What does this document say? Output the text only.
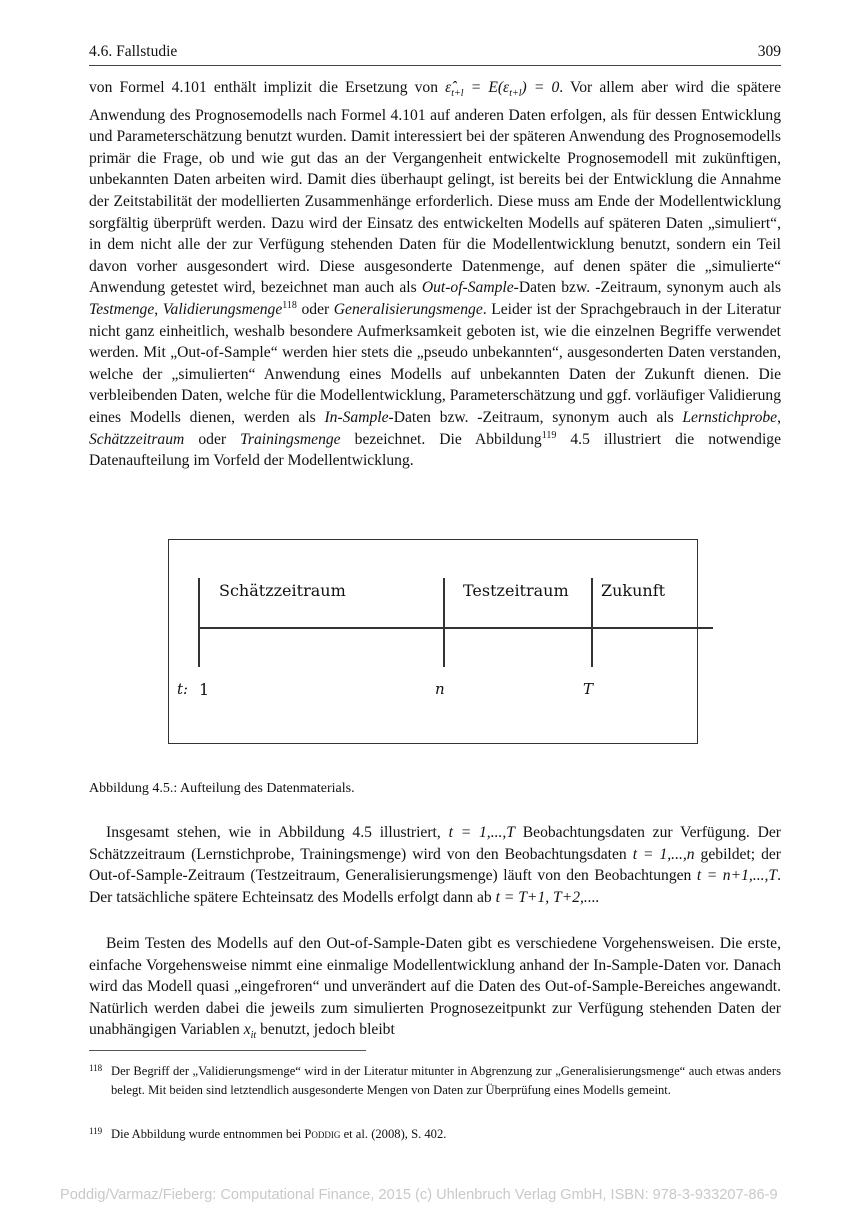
4.6. Fallstudie	309

von Formel 4.101 enthält implizit die Ersetzung von $\varepsilon̂_{t+l} = E(\varepsilon_{t+l}) = 0$. Vor allem aber wird die spätere Anwendung des Prognosemodells nach Formel 4.101 auf anderen Daten erfolgen, als für dessen Entwicklung und Parameterschätzung benutzt wurden. Damit interessiert bei der späteren Anwendung des Prognosemodells primär die Frage, ob und wie gut das an der Vergangenheit entwickelte Prognosemodell mit zukünftigen, unbekannten Daten arbeiten wird. Damit dies überhaupt gelingt, ist bereits bei der Entwicklung die Annahme der Zeitstabilität der modellierten Zusammenhänge erforderlich. Diese muss am Ende der Modellentwicklung sorgfältig überprüft werden. Dazu wird der Einsatz des entwickelten Modells auf späteren Daten „simuliert“, in dem nicht alle der zur Verfügung stehenden Daten für die Modellentwicklung benutzt, sondern ein Teil davon vorher ausgesondert wird. Diese ausgesonderte Datenmenge, auf denen später die „simulierte“ Anwendung getestet wird, bezeichnet man auch als Out-of-Sample-Daten bzw. -Zeitraum, synonym auch als Testmenge, Validierungsmenge$^{118}$ oder Generalisierungsmenge. Leider ist der Sprachgebrauch in der Literatur nicht ganz einheitlich, weshalb besondere Aufmerksamkeit geboten ist, wie die einzelnen Begriffe verwendet werden. Mit „Out-of-Sample“ werden hier stets die „pseudo unbekannten“, ausgesonderten Daten verstanden, welche der „simulierten“ Anwendung eines Modells auf unbekannten Daten der Zukunft dienen. Die verbleibenden Daten, welche für die Modellentwicklung, Parameterschätzung und ggf. vorläufiger Validierung eines Modells dienen, werden als In-Sample-Daten bzw. -Zeitraum, synonym auch als Lernstichprobe, Schätzzeitraum oder Trainingsmenge bezeichnet. Die Abbildung$^{119}$ 4.5 illustriert die notwendige Datenaufteilung im Vorfeld der Modellentwicklung.

Schätzzeitraum	Testzeitraum Zukunft
t: 1	n	T
Abbildung 4.5.: Aufteilung des Datenmaterials.

Insgesamt stehen, wie in Abbildung 4.5 illustriert, t = 1,...,T Beobachtungsdaten zur Verfügung. Der Schätzzeitraum (Lernstichprobe, Trainingsmenge) wird von den Beobachtungsdaten t = 1,...,n gebildet; der Out-of-Sample-Zeitraum (Testzeitraum, Generalisierungsmenge) läuft von den Beobachtungen t = n+1,...,T. Der tatsächliche spätere Echteinsatz des Modells erfolgt dann ab t = T+1, T+2,....

Beim Testen des Modells auf den Out-of-Sample-Daten gibt es verschiedene Vorgehensweisen. Die erste, einfache Vorgehensweise nimmt eine einmalige Modellentwicklung anhand der In-Sample-Daten vor. Danach wird das Modell quasi „eingefroren“ und unverändert auf die Daten des Out-of-Sample-Bereiches angewandt. Natürlich werden dabei die jeweils zum simulierten Prognosezeitpunkt zur Verfügung stehenden Daten der unabhängigen Variablen $x_{it}$ benutzt, jedoch bleibt

118 Der Begriff der „Validierungsmenge“ wird in der Literatur mitunter in Abgrenzung zur „Generalisierungsmenge“ auch etwas anders belegt. Mit beiden sind letztendlich ausgesonderte Mengen von Daten zur Überprüfung eines Modells gemeint.
119 Die Abbildung wurde entnommen bei Poddig et al. (2008), S. 402.
Poddig/Varmaz/Fieberg: Computational Finance, 2015 (c) Uhlenbruch Verlag GmbH, ISBN: 978-3-933207-86-9
